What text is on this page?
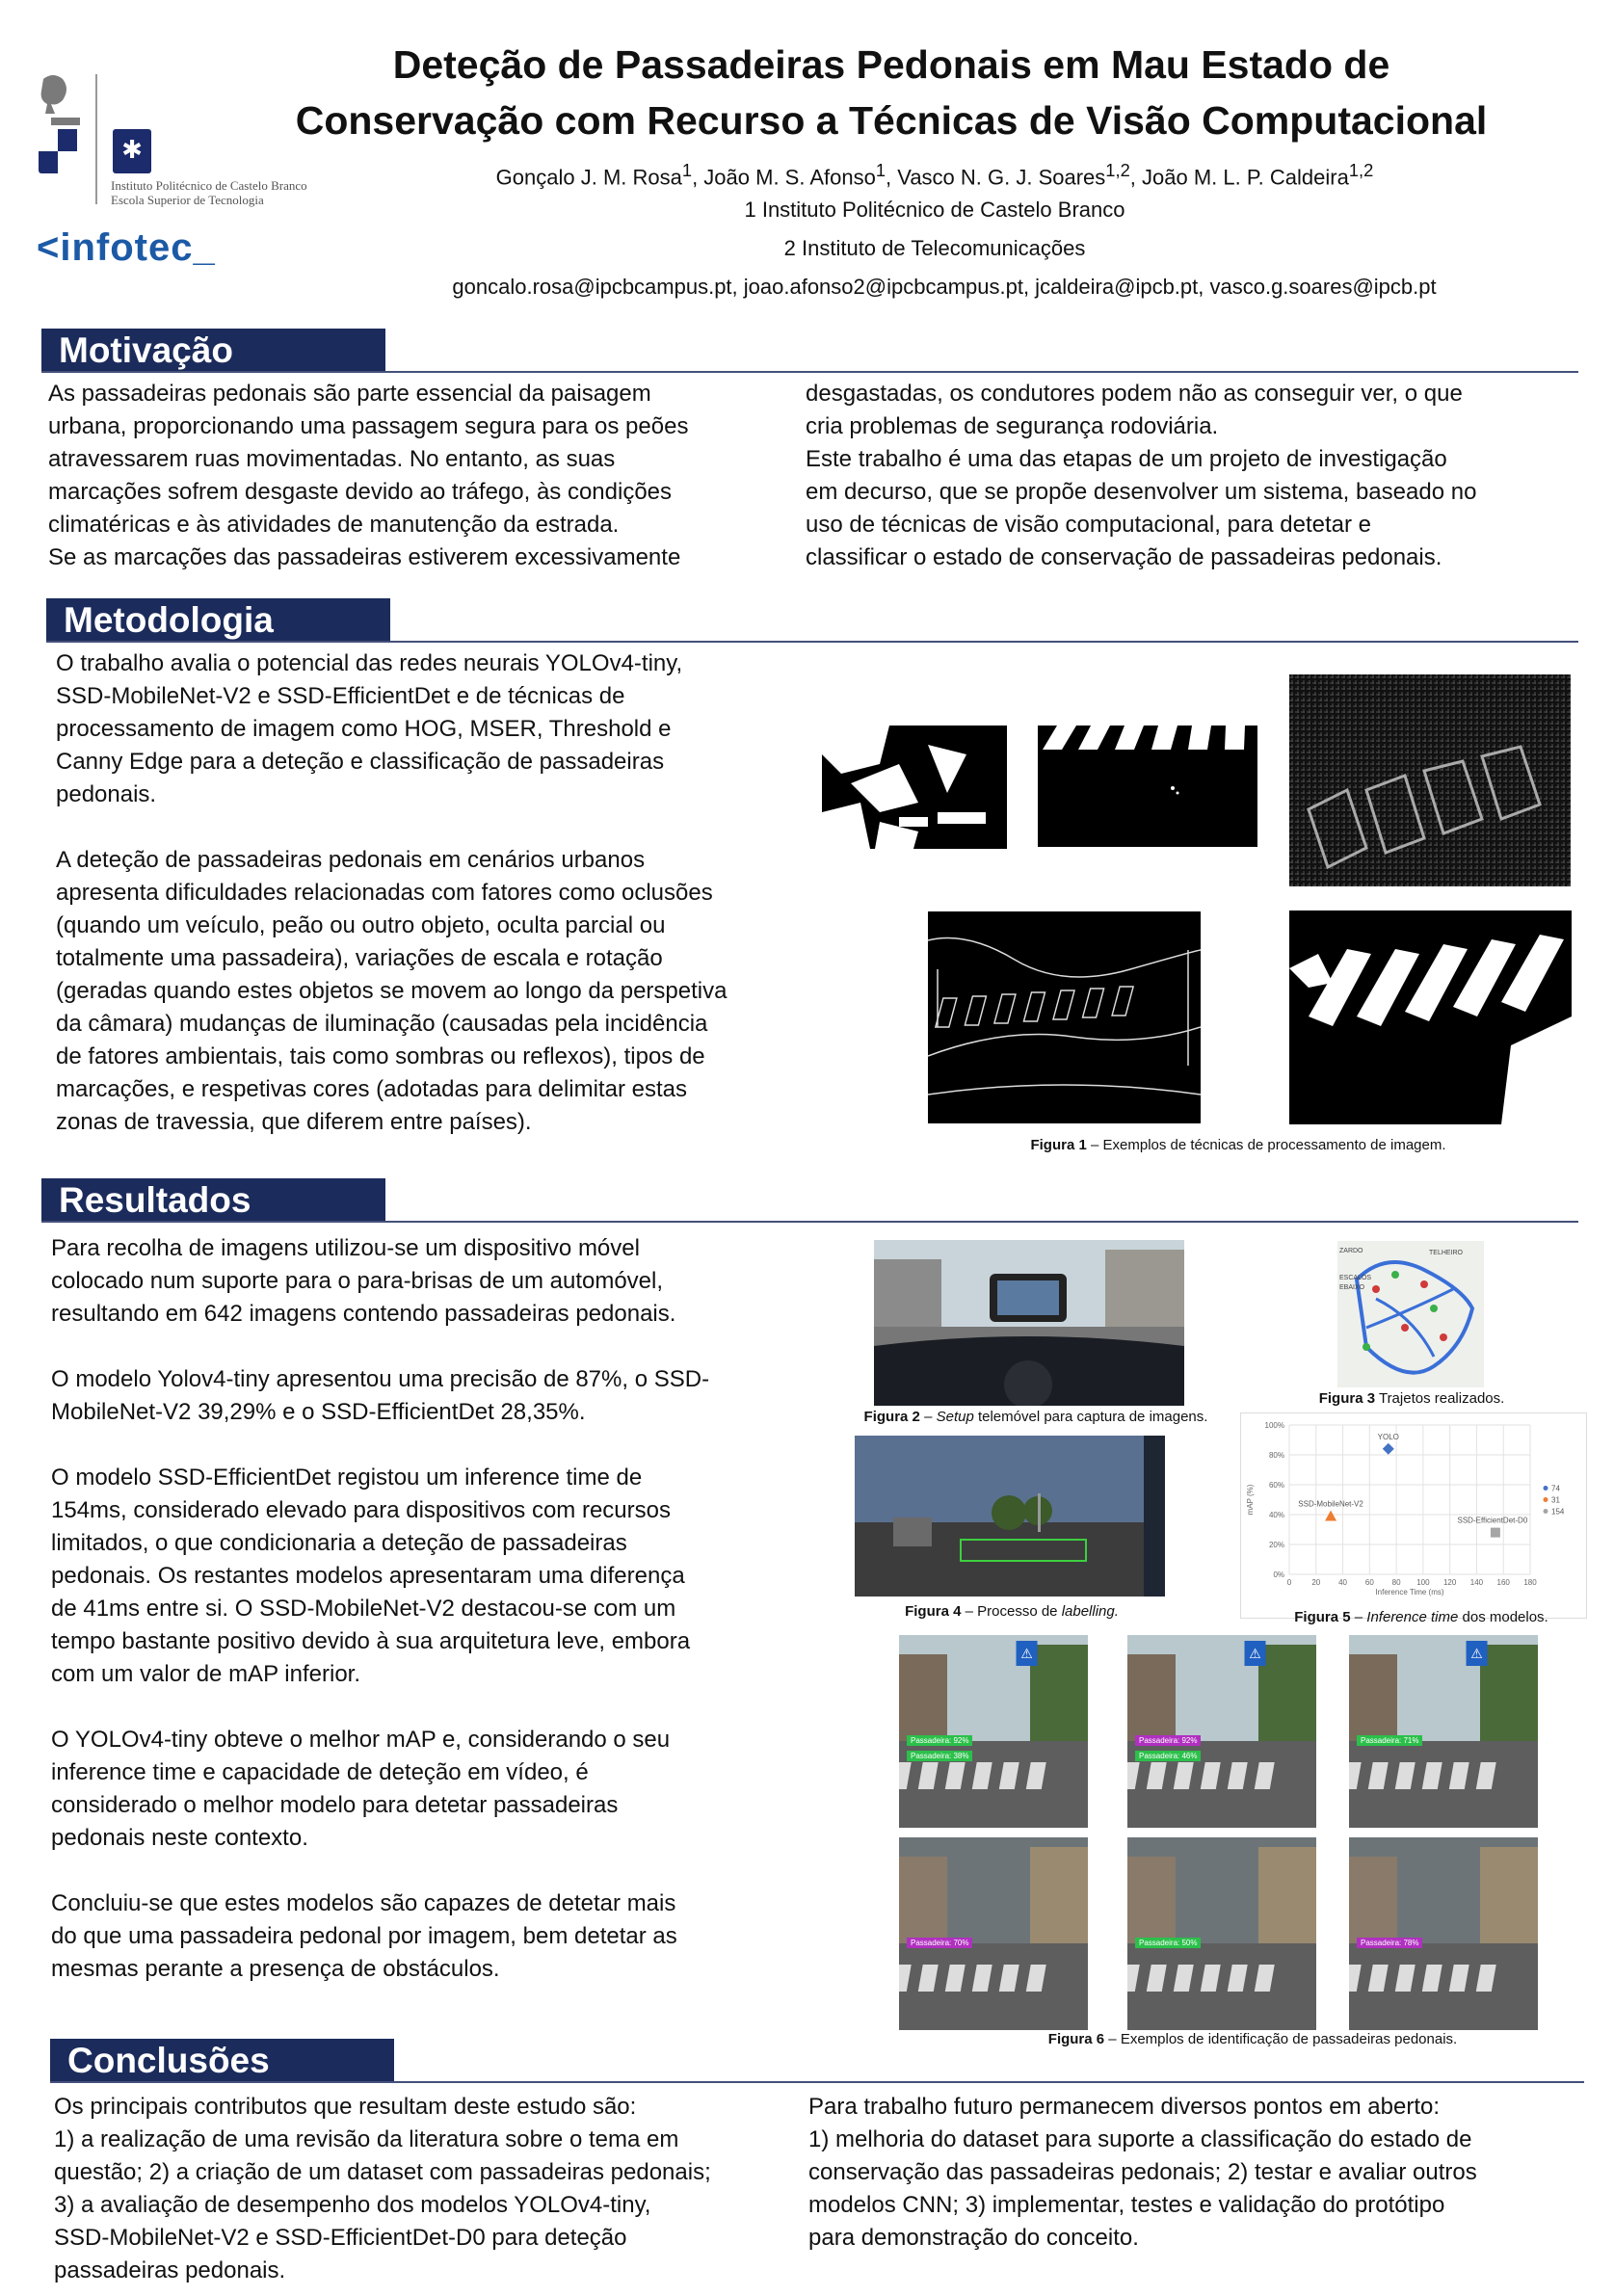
✱
Instituto Politécnico de Castelo Branco
Escola Superior de Tecnologia
<infotec_
Deteção de Passadeiras Pedonais em Mau Estado de
Conservação com Recurso a Técnicas de Visão Computacional
Gonçalo J. M. Rosa$^1$, João M. S. Afonso$^1$, Vasco N. G. J. Soares$^{1,2}$, João M. L. P. Caldeira$^{1,2}$
1 Instituto Politécnico de Castelo Branco
2 Instituto de Telecomunicações
goncalo.rosa@ipcbcampus.pt, joao.afonso2@ipcbcampus.pt, jcaldeira@ipcb.pt, vasco.g.soares@ipcb.pt
Motivação

As passadeiras pedonais são parte essencial da paisagem

urbana, proporcionando uma passagem segura para os peões

atravessarem ruas movimentadas. No entanto, as suas

marcações sofrem desgaste devido ao tráfego, às condições

climatéricas e às atividades de manutenção da estrada.

Se as marcações das passadeiras estiverem excessivamente

desgastadas, os condutores podem não as conseguir ver, o que

cria problemas de segurança rodoviária.

Este trabalho é uma das etapas de um projeto de investigação

em decurso, que se propõe desenvolver um sistema, baseado no

uso de técnicas de visão computacional, para detetar e

classificar o estado de conservação de passadeiras pedonais.

Metodologia

O trabalho avalia o potencial das redes neurais YOLOv4-tiny,

SSD-MobileNet-V2 e SSD-EfficientDet e de técnicas de

processamento de imagem como HOG, MSER, Threshold e

Canny Edge para a deteção e classificação de passadeiras

pedonais.

A deteção de passadeiras pedonais em cenários urbanos

apresenta dificuldades relacionadas com fatores como oclusões

(quando um veículo, peão ou outro objeto, oculta parcial ou

totalmente uma passadeira), variações de escala e rotação

(geradas quando estes objetos se movem ao longo da perspetiva

da câmara) mudanças de iluminação (causadas pela incidência

de fatores ambientais, tais como sombras ou reflexos), tipos de

marcações, e respetivas cores (adotadas para delimitar estas

zonas de travessia, que diferem entre países).

Figura 1 – Exemplos de técnicas de processamento de imagem.
Resultados

Para recolha de imagens utilizou-se um dispositivo móvel

colocado num suporte para o para-brisas de um automóvel,

resultando em 642 imagens contendo passadeiras pedonais.

O modelo Yolov4-tiny apresentou uma precisão de 87%, o SSD-

MobileNet-V2 39,29% e o SSD-EfficientDet 28,35%.

O modelo SSD-EfficientDet registou um inference time de

154ms, considerado elevado para dispositivos com recursos

limitados, o que condicionaria a deteção de passadeiras

pedonais. Os restantes modelos apresentaram uma diferença

de 41ms entre si. O SSD-MobileNet-V2 destacou-se com um

tempo bastante positivo devido à sua arquitetura leve, embora

com um valor de mAP inferior.

O YOLOv4-tiny obteve o melhor mAP e, considerando o seu

inference time e capacidade de deteção em vídeo, é

considerado o melhor modelo para detetar passadeiras

pedonais neste contexto.

Concluiu-se que estes modelos são capazes de detetar mais

do que uma passadeira pedonal por imagem, bem detetar as

mesmas perante a presença de obstáculos.

Figura 2 – Setup telemóvel para captura de imagens.
ZARDO	TELHEIRO
ESCALOS
EBAIXO
Figura 3 Trajetos realizados.
Figura 4 – Processo de labelling.
0%
20%
40%
60%
80%
100%
0	20 40 60 80 100 120 140 160 180
Inference Time (ms)
mAP (%)
YOLO
74
SSD-MobileNet-V2	31
SSD-EfficientDet-D0
154
Figura 5 – Inference time dos modelos.
⚠
Passadeira: 92%
Passadeira: 38%
⚠
Passadeira: 92%
Passadeira: 46%
⚠
Passadeira: 71%
Passadeira: 70%	Passadeira: 50%	Passadeira: 78%
Figura 6 – Exemplos de identificação de passadeiras pedonais.
Conclusões

Os principais contributos que resultam deste estudo são:

1) a realização de uma revisão da literatura sobre o tema em

questão; 2) a criação de um dataset com passadeiras pedonais;

3) a avaliação de desempenho dos modelos YOLOv4-tiny,

SSD-MobileNet-V2 e SSD-EfficientDet-D0 para deteção

passadeiras pedonais.

Para trabalho futuro permanecem diversos pontos em aberto:

1) melhoria do dataset para suporte a classificação do estado de

conservação das passadeiras pedonais; 2) testar e avaliar outros

modelos CNN; 3) implementar, testes e validação do protótipo

para demonstração do conceito.
